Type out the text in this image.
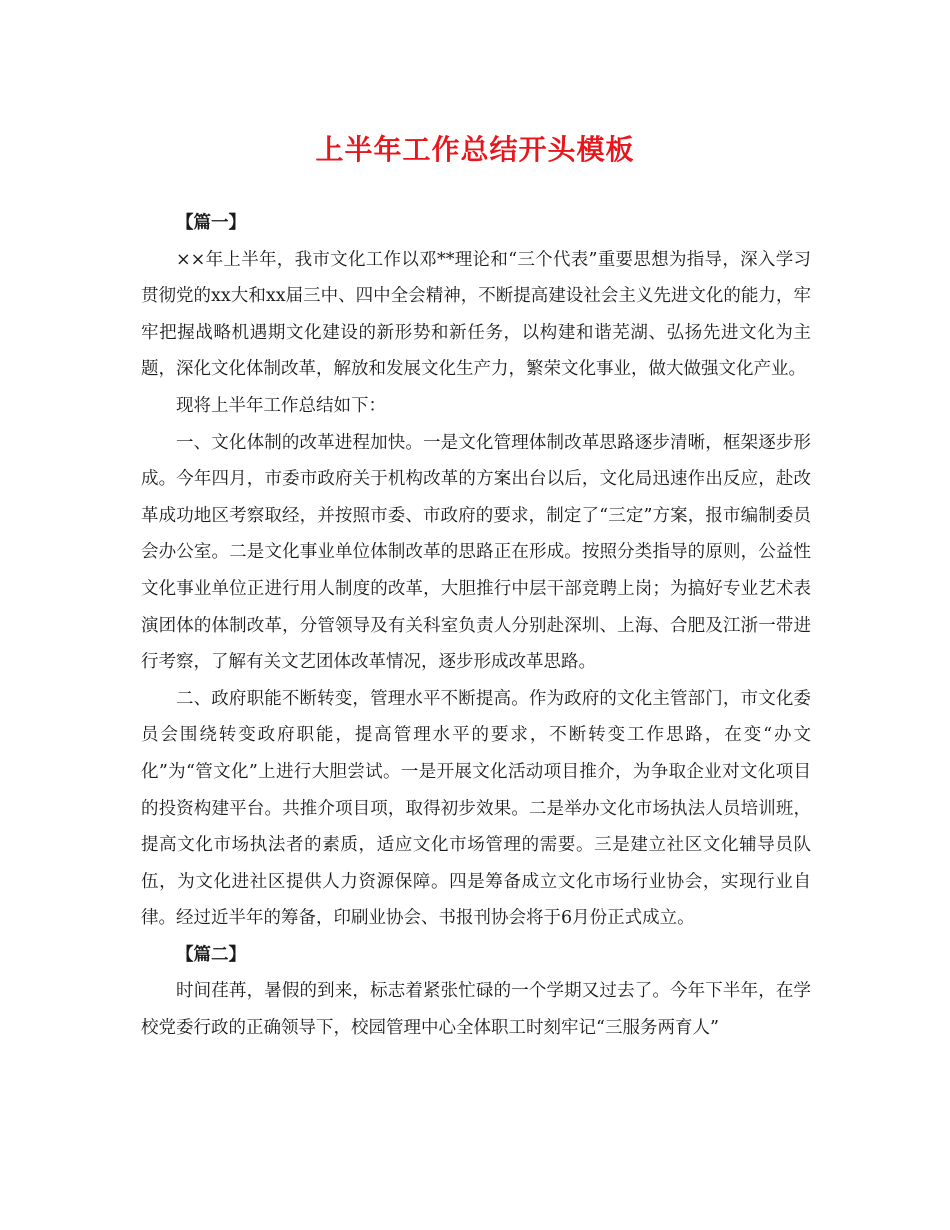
上半年工作总结开头模板

【篇一】

××年上半年，我市文化工作以邓**理论和“三个代表”重要思想为指导，深入学习贯彻党的xx大和xx届三中、四中全会精神，不断提高建设社会主义先进文化的能力，牢牢把握战略机遇期文化建设的新形势和新任务，以构建和谐芜湖、弘扬先进文化为主题，深化文化体制改革，解放和发展文化生产力，繁荣文化事业，做大做强文化产业。

现将上半年工作总结如下：

一、文化体制的改革进程加快。一是文化管理体制改革思路逐步清晰，框架逐步形成。今年四月，市委市政府关于机构改革的方案出台以后，文化局迅速作出反应，赴改革成功地区考察取经，并按照市委、市政府的要求，制定了“三定”方案，报市编制委员会办公室。二是文化事业单位体制改革的思路正在形成。按照分类指导的原则，公益性文化事业单位正进行用人制度的改革，大胆推行中层干部竞聘上岗；为搞好专业艺术表演团体的体制改革，分管领导及有关科室负责人分别赴深圳、上海、合肥及江浙一带进行考察，了解有关文艺团体改革情况，逐步形成改革思路。

二、政府职能不断转变，管理水平不断提高。作为政府的文化主管部门，市文化委员会围绕转变政府职能，提高管理水平的要求，不断转变工作思路，在变“办文化”为“管文化”上进行大胆尝试。一是开展文化活动项目推介，为争取企业对文化项目的投资构建平台。共推介项目项，取得初步效果。二是举办文化市场执法人员培训班，提高文化市场执法者的素质，适应文化市场管理的需要。三是建立社区文化辅导员队伍，为文化进社区提供人力资源保障。四是筹备成立文化市场行业协会，实现行业自律。经过近半年的筹备，印刷业协会、书报刊协会将于6月份正式成立。

【篇二】

时间荏苒，暑假的到来，标志着紧张忙碌的一个学期又过去了。今年下半年，在学校党委行政的正确领导下，校园管理中心全体职工时刻牢记“三服务两育人”
